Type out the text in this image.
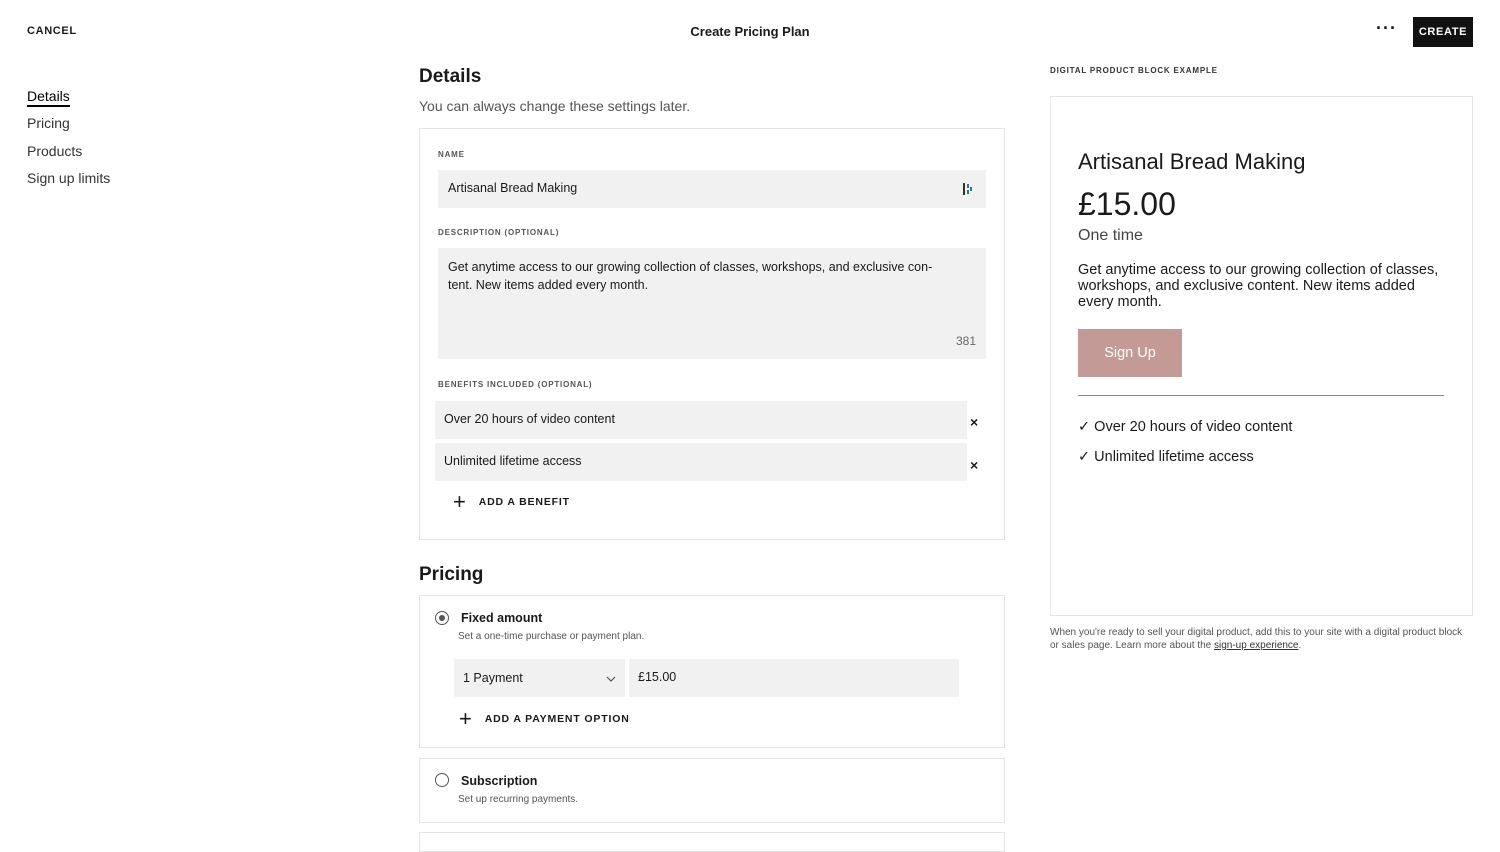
CANCEL	Create Pricing Plan	···	CREATE
Details
Pricing
Products
Sign up limits
Details
You can always change these settings later.
NAME
Artisanal Bread Making
DESCRIPTION (OPTIONAL)
Get anytime access to our growing collection of classes, workshops, and exclusive con-tent. New items added every month.
381
BENEFITS INCLUDED (OPTIONAL)
Over 20 hours of video content	×
Unlimited lifetime access	×
+ ADD A BENEFIT
Pricing
Fixed amount
Set a one-time purchase or payment plan.
1 Payment	£15.00
+ ADD A PAYMENT OPTION
Subscription
Set up recurring payments.
DIGITAL PRODUCT BLOCK EXAMPLE
Artisanal Bread Making
£15.00
One time
Get anytime access to our growing collection of classes, workshops, and exclusive content. New items added every month.
Sign Up
✓ Over 20 hours of video content
✓ Unlimited lifetime access
When you're ready to sell your digital product, add this to your site with a digital product block or sales page. Learn more about the sign-up experience.
